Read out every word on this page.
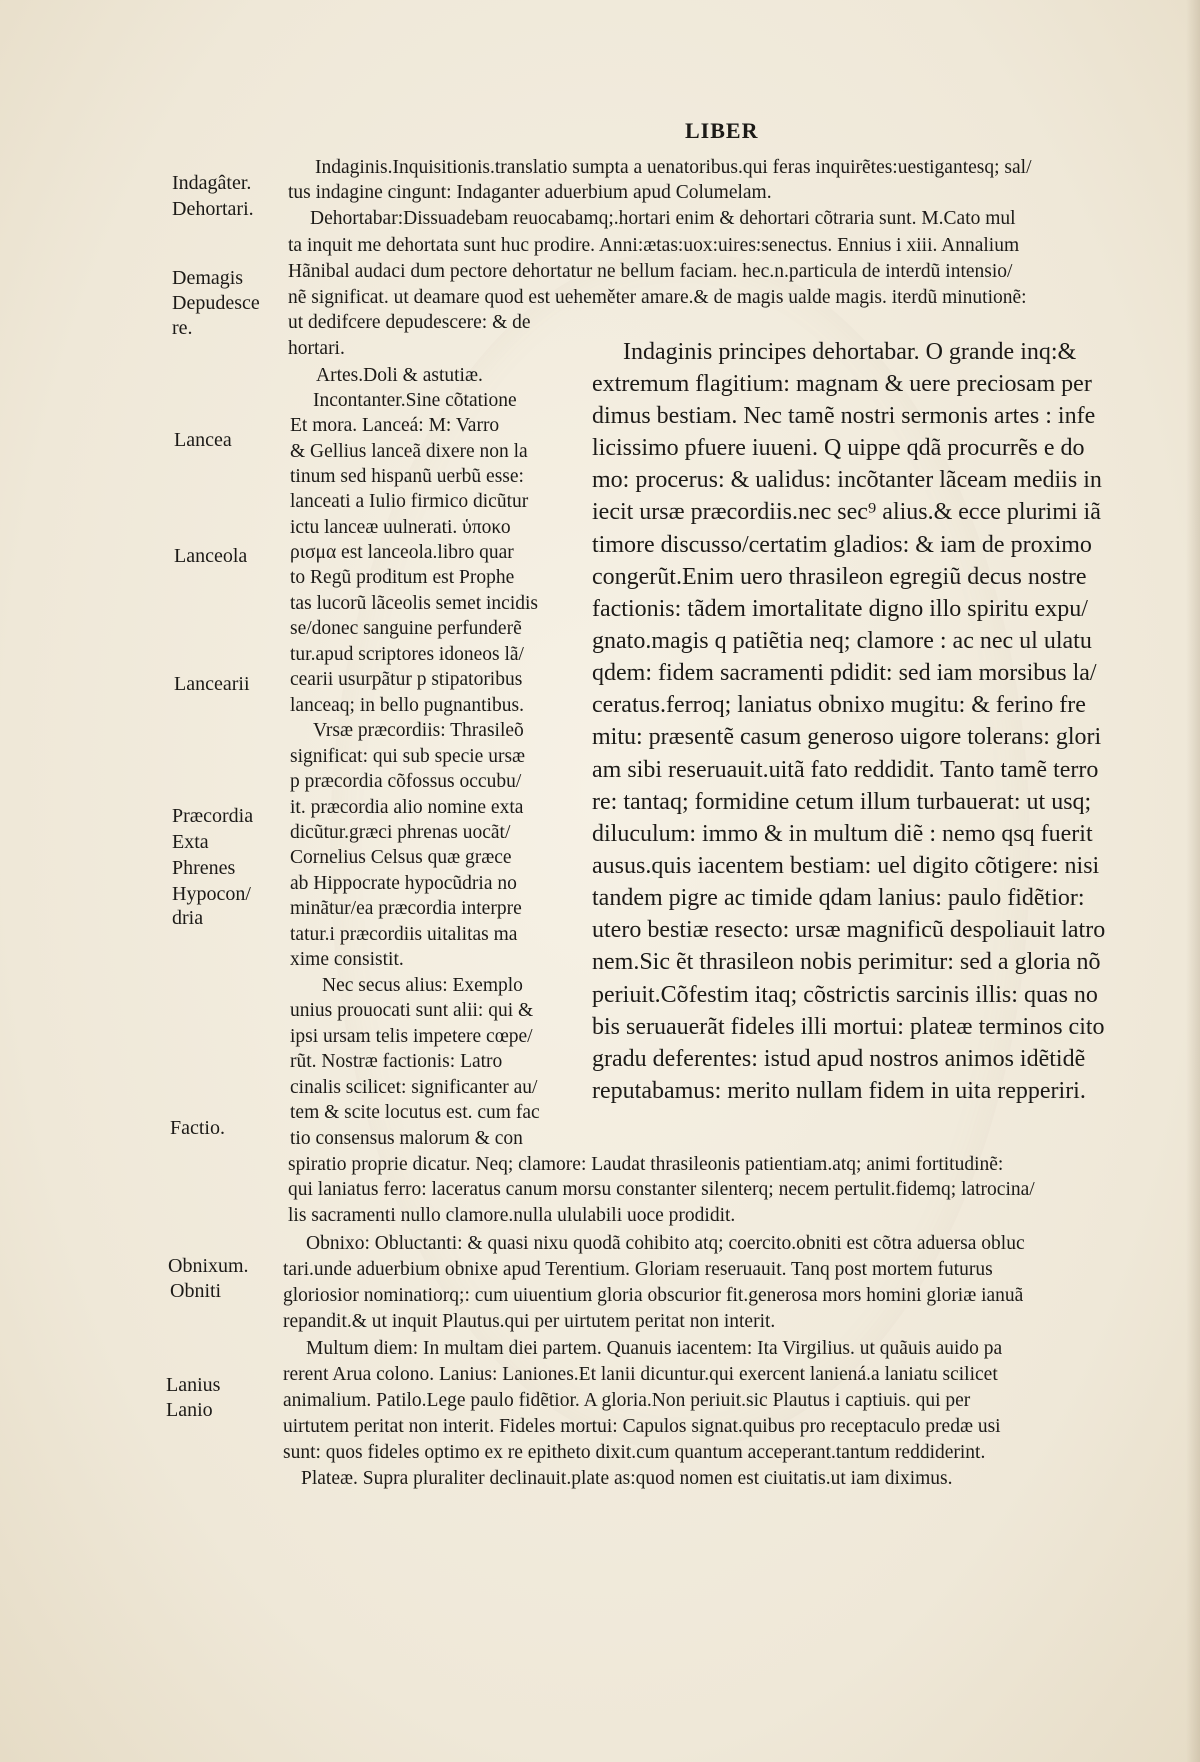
LIBER
Indagâter.
Dehortari.
Demagis
Depudesce
re.
Lancea
Lanceola
Lancearii
Præcordia
Exta
Phrenes
Hypocon/
dria
Factio.
Obnixum.
Obniti
Lanius
Lanio
Indaginis.Inquisitionis.translatio sumpta a uenatoribus.qui feras inquirẽtes:uestigantesq; sal/
tus indagine cingunt: Indaganter aduerbium apud Columelam.
Dehortabar:Dissuadebam reuocabamq;.hortari enim & dehortari cõtraria sunt. M.Cato mul
ta inquit me dehortata sunt huc prodire. Anni:ætas:uox:uires:senectus. Ennius i xiii. Annalium
Hãnibal audaci dum pectore dehortatur ne bellum faciam. hec.n.particula de interdũ intensio/
nẽ significat. ut deamare quod est ueheměter amare.& de magis ualde magis. iterdũ minutionẽ:
ut dedifcere depudescere: & de
hortari.
Artes.Doli & astutiæ.
Incontanter.Sine cõtatione
Et mora. Lanceá: M: Varro
& Gellius lanceã dixere non la
tinum sed hispanũ uerbũ esse:
lanceati a Iulio firmico dicũtur
ictu lanceæ uulnerati. ὑποκο
ρισμα est lanceola.libro quar
to Regũ proditum est Prophe
tas lucorũ lãceolis semet incidis
se/donec sanguine perfunderẽ
tur.apud scriptores idoneos lã/
cearii usurpãtur p stipatoribus
lanceaq; in bello pugnantibus.
Vrsæ præcordiis: Thrasileõ
significat: qui sub specie ursæ
p præcordia cõfossus occubu/
it. præcordia alio nomine exta
dicũtur.græci phrenas uocãt/
Cornelius Celsus quæ græce
ab Hippocrate hypocũdria no
minãtur/ea præcordia interpre
tatur.i præcordiis uitalitas ma
xime consistit.
Nec secus alius: Exemplo
unius prouocati sunt alii: qui &
ipsi ursam telis impetere cœpe/
rũt. Nostræ factionis: Latro
cinalis scilicet: significanter au/
tem & scite locutus est. cum fac
tio consensus malorum & con
Indaginis principes dehortabar. O grande inq:&
extremum flagitium: magnam & uere preciosam per
dimus bestiam. Nec tamẽ nostri sermonis artes : infe
licissimo pfuere iuueni. Q uippe qdã procurrẽs e do
mo: procerus: & ualidus: incõtanter lãceam mediis in
iecit ursæ præcordiis.nec sec⁹ alius.& ecce plurimi iã
timore discusso/certatim gladios: & iam de proximo
congerũt.Enim uero thrasileon egregiũ decus nostre
factionis: tãdem imortalitate digno illo spiritu expu/
gnato.magis q patiẽtia neq; clamore : ac nec ul ulatu
qdem: fidem sacramenti pdidit: sed iam morsibus la/
ceratus.ferroq; laniatus obnixo mugitu: & ferino fre
mitu: præsentẽ casum generoso uigore tolerans: glori
am sibi reseruauit.uitã fato reddidit. Tanto tamẽ terro
re: tantaq; formidine cetum illum turbauerat: ut usq;
diluculum: immo & in multum diẽ : nemo qsq fuerit
ausus.quis iacentem bestiam: uel digito cõtigere: nisi
tandem pigre ac timide qdam lanius: paulo fidẽtior:
utero bestiæ resecto: ursæ magnificũ despoliauit latro
nem.Sic ẽt thrasileon nobis perimitur: sed a gloria nõ
periuit.Cõfestim itaq; cõstrictis sarcinis illis: quas no
bis seruauerãt fideles illi mortui: plateæ terminos cito
gradu deferentes: istud apud nostros animos idẽtidẽ
reputabamus: merito nullam fidem in uita repperiri.
spiratio proprie dicatur. Neq; clamore: Laudat thrasileonis patientiam.atq; animi fortitudinẽ:
qui laniatus ferro: laceratus canum morsu constanter silenterq; necem pertulit.fidemq; latrocina/
lis sacramenti nullo clamore.nulla ululabili uoce prodidit.
Obnixo: Obluctanti: & quasi nixu quodã cohibito atq; coercito.obniti est cõtra aduersa obluc
tari.unde aduerbium obnixe apud Terentium. Gloriam reseruauit. Tanq post mortem futurus
gloriosior nominatiorq;: cum uiuentium gloria obscurior fit.generosa mors homini gloriæ ianuã
repandit.& ut inquit Plautus.qui per uirtutem peritat non interit.
Multum diem: In multam diei partem. Quanuis iacentem: Ita Virgilius. ut quãuis auido pa
rerent Arua colono. Lanius: Laniones.Et lanii dicuntur.qui exercent laniená.a laniatu scilicet
animalium. Patilo.Lege paulo fidẽtior. A gloria.Non periuit.sic Plautus i captiuis. qui per
uirtutem peritat non interit. Fideles mortui: Capulos signat.quibus pro receptaculo predæ usi
sunt: quos fideles optimo ex re epitheto dixit.cum quantum acceperant.tantum reddiderint.
Plateæ. Supra pluraliter declinauit.plate as:quod nomen est ciuitatis.ut iam diximus.
